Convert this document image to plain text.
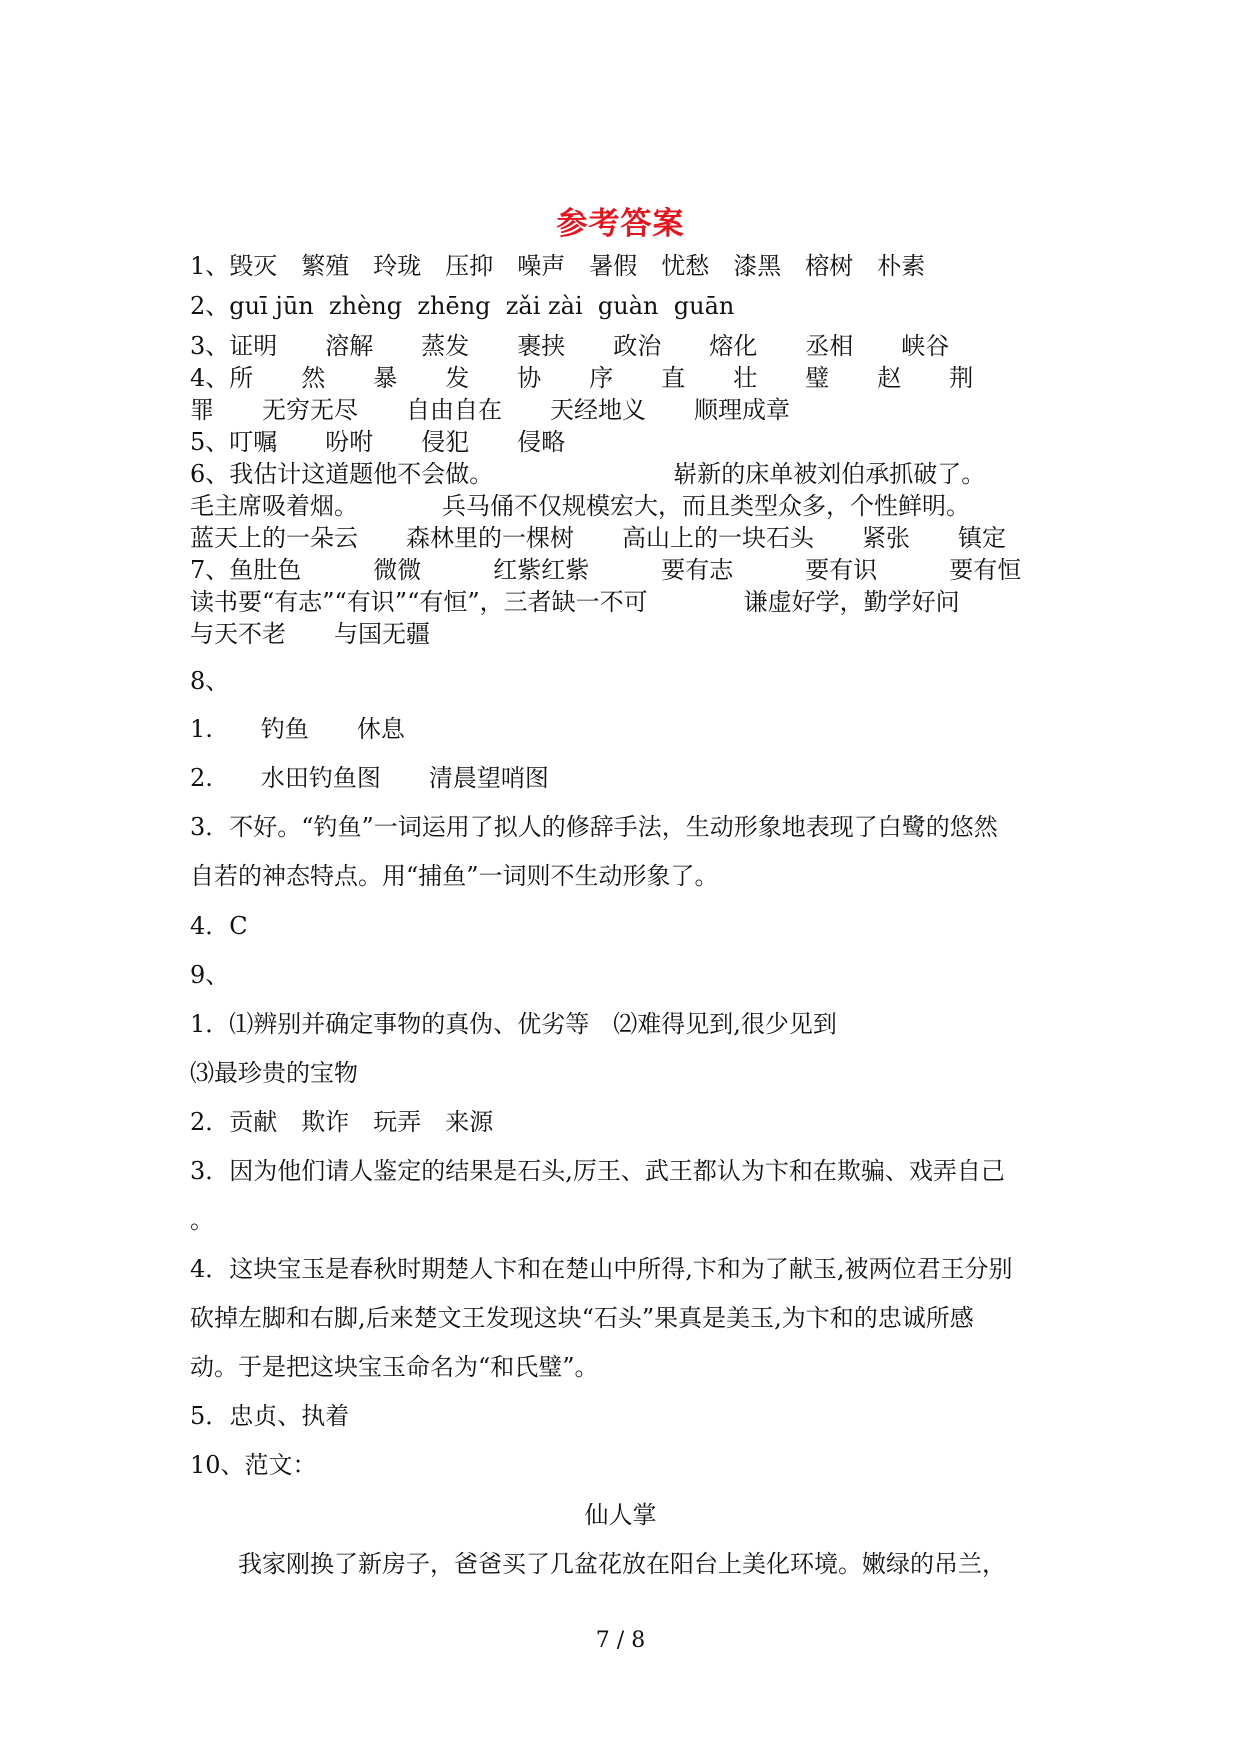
参考答案
1、毁灭　繁殖　玲珑　压抑　噪声　暑假　忧愁　漆黑　榕树　朴素
2、guī jūn  zhèng  zhēng  zǎi zài  guàn  guān
3、证明　　溶解　　蒸发　　裹挟　　政治　　熔化　　丞相　　峡谷
4、所　　然　　暴　　发　　协　　序　　直　　壮　　璧　　赵　　荆
罪　　无穷无尽　　自由自在　　天经地义　　顺理成章
5、叮嘱　　吩咐　　侵犯　　侵略
6、我估计这道题他不会做。　　　　　　　　崭新的床单被刘伯承抓破了。
毛主席吸着烟。　　　　兵马俑不仅规模宏大，而且类型众多，个性鲜明。
蓝天上的一朵云　　森林里的一棵树　　高山上的一块石头　　紧张　　镇定
7、鱼肚色　　　微微　　　红紫红紫　　　要有志　　　要有识　　　要有恒
读书要“有志”“有识”“有恒”，三者缺一不可　　　　谦虚好学，勤学好问
与天不老　　与国无疆
8、
1.　　钓鱼　　休息
2.　　水田钓鱼图　　清晨望哨图
3．不好。“钓鱼”一词运用了拟人的修辞手法，生动形象地表现了白鹭的悠然
自若的神态特点。用“捕鱼”一词则不生动形象了。
4．C
9、
1．⑴辨别并确定事物的真伪、优劣等　⑵难得见到,很少见到
⑶最珍贵的宝物
2．贡献　欺诈　玩弄　来源
3．因为他们请人鉴定的结果是石头,厉王、武王都认为卞和在欺骗、戏弄自己
。
4．这块宝玉是春秋时期楚人卞和在楚山中所得,卞和为了献玉,被两位君王分别
砍掉左脚和右脚,后来楚文王发现这块“石头”果真是美玉,为卞和的忠诚所感
动。于是把这块宝玉命名为“和氏璧”。
5．忠贞、执着
10、范文：
仙人掌
　　我家刚换了新房子，爸爸买了几盆花放在阳台上美化环境。嫩绿的吊兰，
7 / 8
